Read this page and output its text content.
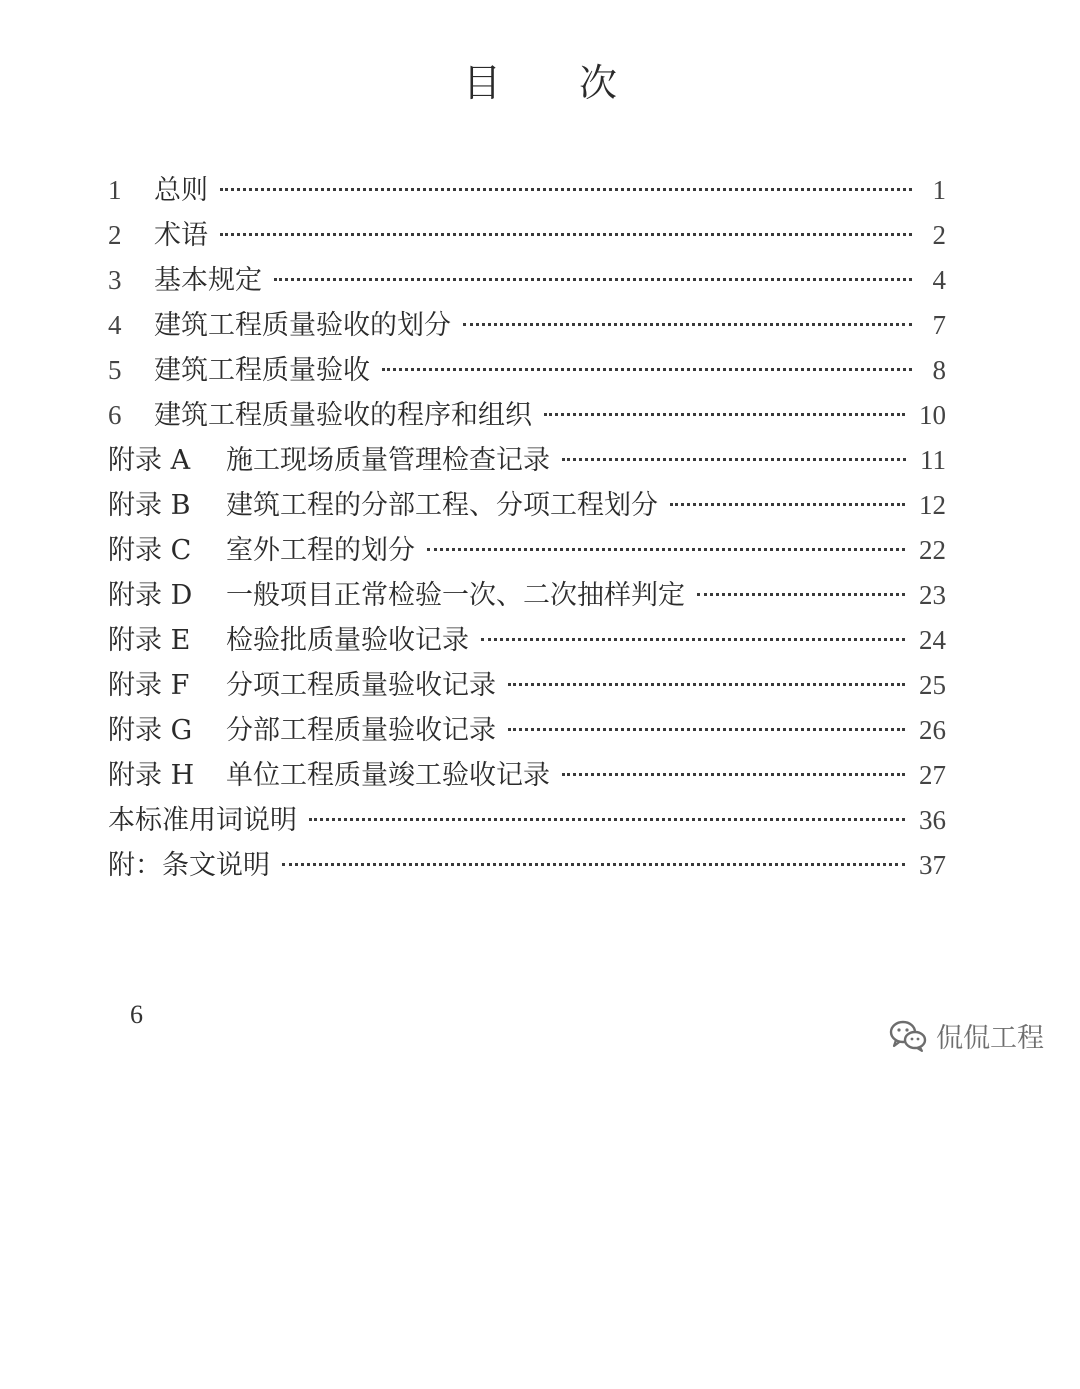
目 次
1	总则	1
2	术语	2
3	基本规定	4
4	建筑工程质量验收的划分	7
5	建筑工程质量验收	8
6	建筑工程质量验收的程序和组织	10
附录 A	施工现场质量管理检查记录	11
附录 B	建筑工程的分部工程、分项工程划分	12
附录 C	室外工程的划分	22
附录 D	一般项目正常检验一次、二次抽样判定	23
附录 E	检验批质量验收记录	24
附录 F	分项工程质量验收记录	25
附录 G	分部工程质量验收记录	26
附录 H	单位工程质量竣工验收记录	27
本标准用词说明	36
附：条文说明	37
6
侃侃工程
